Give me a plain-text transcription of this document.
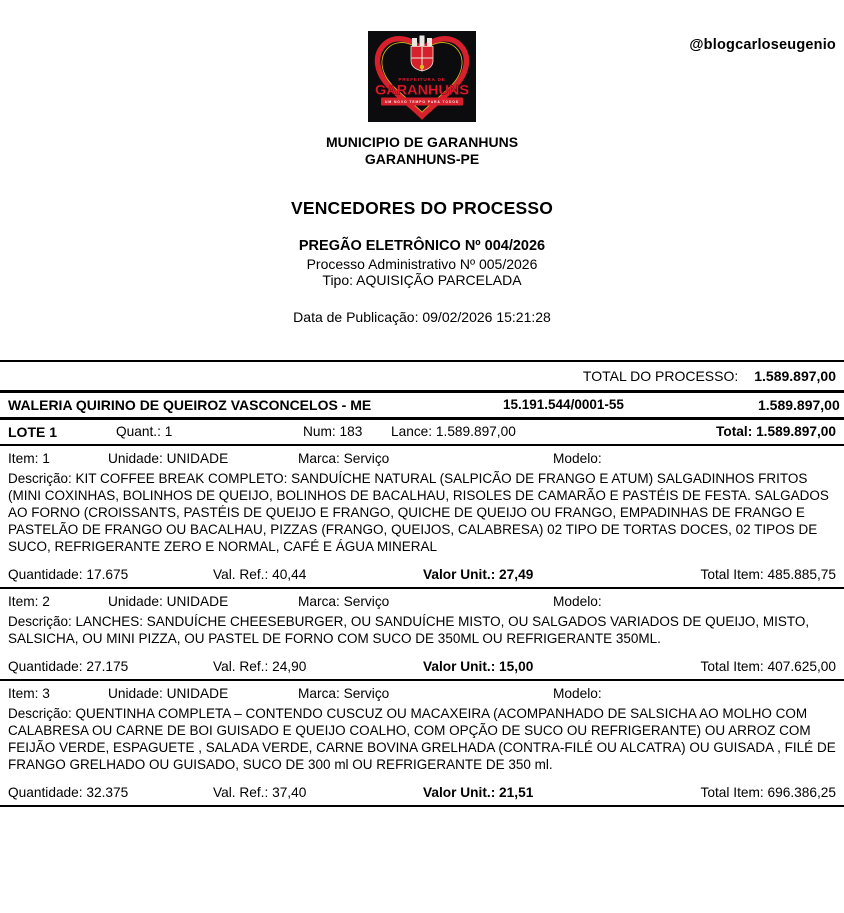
@blogcarloseugenio
PREFEITURA DE
GARANHUNS
UM NOVO TEMPO PARA TODOS
MUNICIPIO DE GARANHUNS
GARANHUNS-PE
VENCEDORES DO PROCESSO
PREGÃO ELETRÔNICO Nº 004/2026
Processo Administrativo Nº 005/2026
Tipo: AQUISIÇÃO PARCELADA
Data de Publicação: 09/02/2026 15:21:28
TOTAL DO PROCESSO: 1.589.897,00
WALERIA QUIRINO DE QUEIROZ VASCONCELOS - ME	15.191.544/0001-55	1.589.897,00
LOTE 1	Quant.: 1	Num: 183	Lance: 1.589.897,00	Total: 1.589.897,00
Item: 1	Unidade: UNIDADE	Marca: Serviço	Modelo:
Descrição: KIT COFFEE BREAK COMPLETO: SANDUÍCHE NATURAL (SALPICÃO DE FRANGO E ATUM) SALGADINHOS FRITOS (MINI COXINHAS, BOLINHOS DE QUEIJO, BOLINHOS DE BACALHAU, RISOLES DE CAMARÃO E PASTÉIS DE FESTA. SALGADOS AO FORNO (CROISSANTS, PASTÉIS DE QUEIJO E FRANGO, QUICHE DE QUEIJO OU FRANGO, EMPADINHAS DE FRANGO E PASTELÃO DE FRANGO OU BACALHAU, PIZZAS (FRANGO, QUEIJOS, CALABRESA) 02 TIPO DE TORTAS DOCES, 02 TIPOS DE SUCO, REFRIGERANTE ZERO E NORMAL, CAFÉ E ÁGUA MINERAL
Quantidade: 17.675	Val. Ref.: 40,44	Valor Unit.: 27,49	Total Item: 485.885,75
Item: 2	Unidade: UNIDADE	Marca: Serviço	Modelo:
Descrição: LANCHES: SANDUÍCHE CHEESEBURGER, OU SANDUÍCHE MISTO, OU SALGADOS VARIADOS DE QUEIJO, MISTO, SALSICHA, OU MINI PIZZA, OU PASTEL DE FORNO COM SUCO DE 350ML OU REFRIGERANTE 350ML.
Quantidade: 27.175	Val. Ref.: 24,90	Valor Unit.: 15,00	Total Item: 407.625,00
Item: 3	Unidade: UNIDADE	Marca: Serviço	Modelo:
Descrição: QUENTINHA COMPLETA – CONTENDO CUSCUZ OU MACAXEIRA (ACOMPANHADO DE SALSICHA AO MOLHO COM CALABRESA OU CARNE DE BOI GUISADO E QUEIJO COALHO, COM OPÇÃO DE SUCO OU REFRIGERANTE) OU ARROZ COM FEIJÃO VERDE, ESPAGUETE , SALADA VERDE, CARNE BOVINA GRELHADA (CONTRA-FILÉ OU ALCATRA) OU GUISADA , FILÉ DE FRANGO GRELHADO OU GUISADO, SUCO DE 300 ml OU REFRIGERANTE DE 350 ml.
Quantidade: 32.375	Val. Ref.: 37,40	Valor Unit.: 21,51	Total Item: 696.386,25
